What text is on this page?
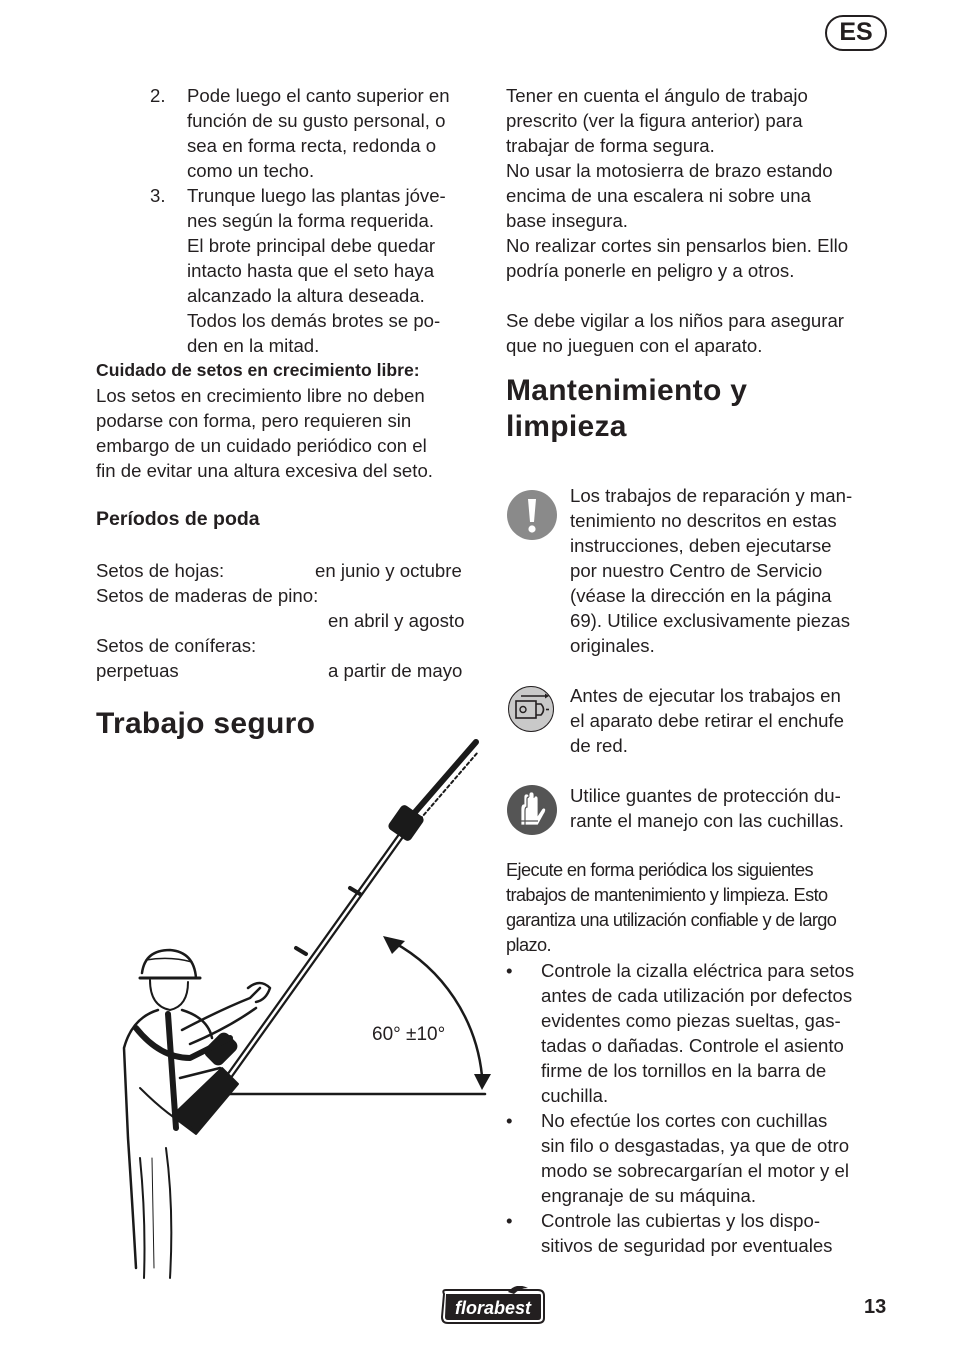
ES
2. Pode luego el canto superior en
función de su gusto personal, o
sea en forma recta, redonda o
como un techo.
3. Trunque luego las plantas jóve-
nes según la forma requerida.
El brote principal debe quedar
intacto hasta que el seto haya
alcanzado la altura deseada.
Todos los demás brotes se po-
den en la mitad.
Cuidado de setos en crecimiento libre:
Los setos en crecimiento libre no deben
podarse con forma, pero requieren sin
embargo de un cuidado periódico con el
fin de evitar una altura excesiva del seto.
Períodos de poda
Setos de hojas:	en junio y octubre
Setos de maderas de pino:
en abril y agosto
Setos de coníferas:
perpetuas	a partir de mayo
Trabajo seguro
60° ±10°
Tener en cuenta el ángulo de trabajo
prescrito (ver la figura anterior) para
trabajar de forma segura.
No usar la motosierra de brazo estando
encima de una escalera ni sobre una
base insegura.
No realizar cortes sin pensarlos bien. Ello
podría ponerle en peligro y a otros.
Se debe vigilar a los niños para asegurar
que no jueguen con el aparato.
Mantenimiento y
limpieza
Los trabajos de reparación y man-
tenimiento no descritos en estas
instrucciones, deben ejecutarse
por nuestro Centro de Servicio
(véase la dirección en la página
69). Utilice exclusivamente piezas
originales.
Antes de ejecutar los trabajos en
el aparato debe retirar el enchufe
de red.
Utilice guantes de protección du-
rante el manejo con las cuchillas.
Ejecute en forma periódica los siguientes
trabajos de mantenimiento y limpieza. Esto
garantiza una utilización confiable y de largo
plazo.
• Controle la cizalla eléctrica para setos
antes de cada utilización por defectos
evidentes como piezas sueltas, gas-
tadas o dañadas. Controle el asiento
firme de los tornillos en la barra de
cuchilla.
• No efectúe los cortes con cuchillas
sin filo o desgastadas, ya que de otro
modo se sobrecargarían el motor y el
engranaje de su máquina.
• Controle las cubiertas y los dispo-
sitivos de seguridad por eventuales
florabest	13
